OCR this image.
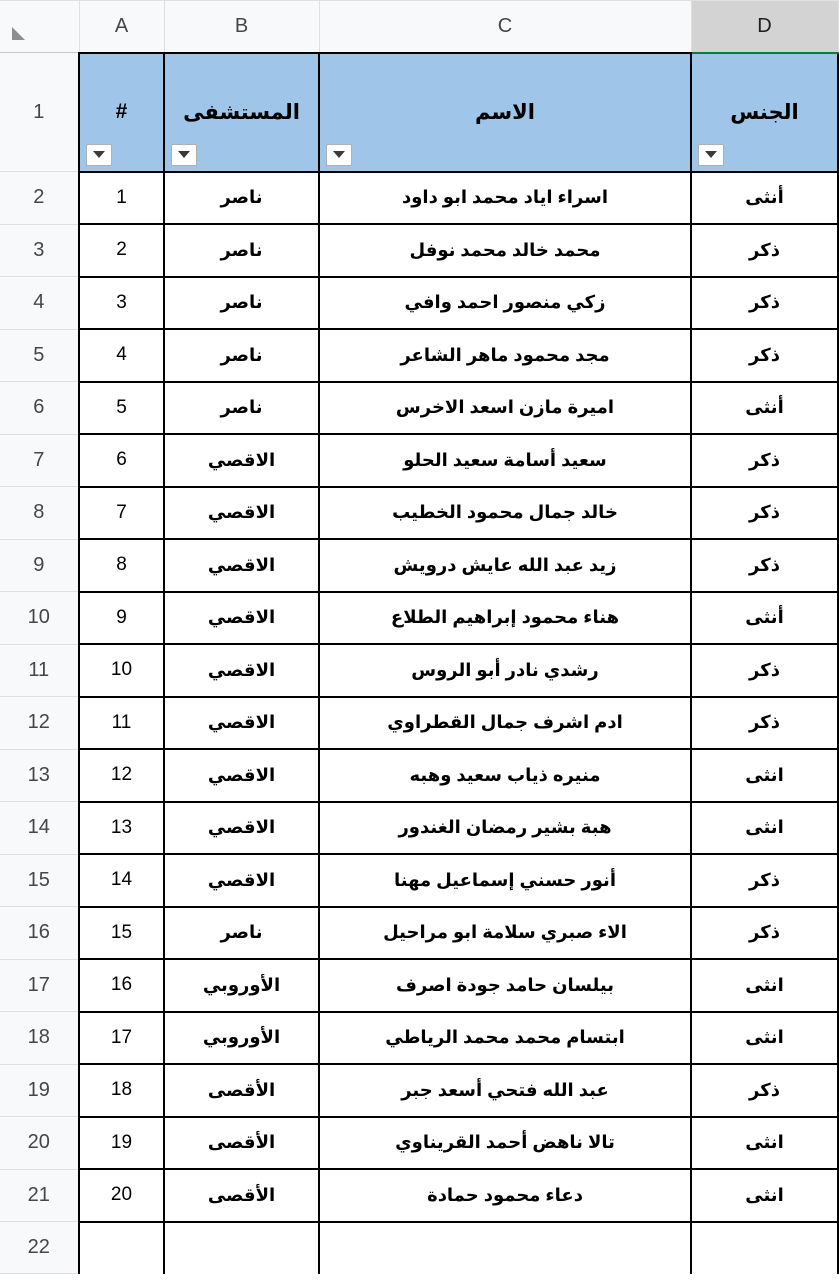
D	C	B	A	

الجنس	الاسم	المستشفى	#	1
أنثى	اسراء اياد محمد ابو داود	ناصر	1	2
ذكر	محمد خالد محمد نوفل	ناصر	2	3
ذكر	زكي منصور احمد وافي	ناصر	3	4
ذكر	مجد محمود ماهر الشاعر	ناصر	4	5
أنثى	اميرة مازن اسعد الاخرس	ناصر	5	6
ذكر	سعيد أسامة سعيد الحلو	الاقصي	6	7
ذكر	خالد جمال محمود الخطيب	الاقصي	7	8
ذكر	زيد عبد الله عايش درويش	الاقصي	8	9
أنثى	هناء محمود إبراهيم الطلاع	الاقصي	9	10
ذكر	رشدي نادر أبو الروس	الاقصي	10	11
ذكر	ادم اشرف جمال القطراوي	الاقصي	11	12
انثى	منيره ذياب سعيد وهبه	الاقصي	12	13
انثى	هبة بشير رمضان الغندور	الاقصي	13	14
ذكر	أنور حسني إسماعيل مهنا	الاقصي	14	15
ذكر	الاء صبري سلامة ابو مراحيل	ناصر	15	16
انثى	بيلسان حامد جودة اصرف	الأوروبي	16	17
انثى	ابتسام محمد محمد الرياطي	الأوروبي	17	18
ذكر	عبد الله فتحي أسعد جبر	الأقصى	18	19
انثى	تالا ناهض أحمد القريناوي	الأقصى	19	20
انثى	دعاء محمود حمادة	الأقصى	20	21
				22
